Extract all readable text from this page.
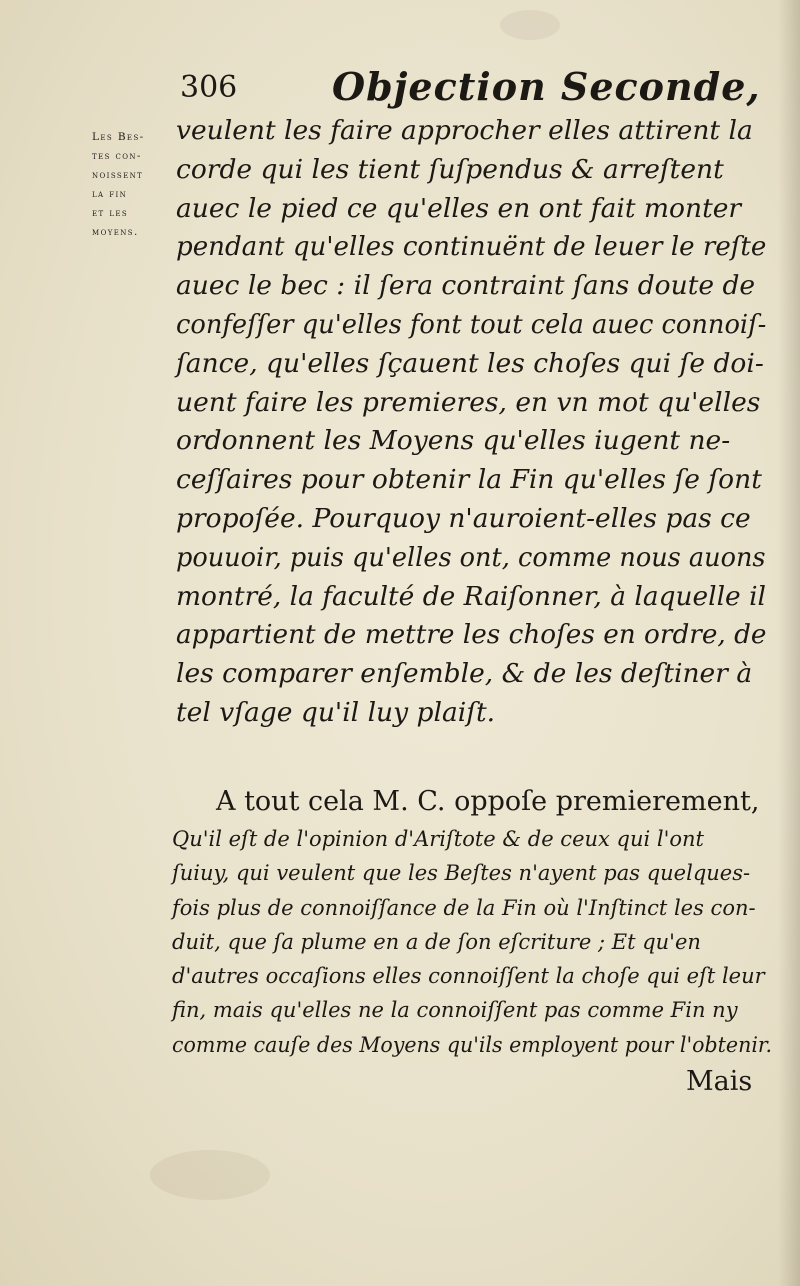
306 Objection Seconde,
Les Bes-
tes con-
noissent
la fin
et les
moyens.
veulent les faire approcher elles attirent la
corde qui les tient ſuſpendus & arreſtent
auec le pied ce qu'elles en ont fait monter
pendant qu'elles continuënt de leuer le reſte
auec le bec : il ſera contraint ſans doute de
confeſſer qu'elles font tout cela auec connoiſ-
ſance, qu'elles ſçauent les choſes qui ſe doi-
uent faire les premieres, en vn mot qu'elles
ordonnent les Moyens qu'elles iugent ne-
ceſſaires pour obtenir la Fin qu'elles ſe ſont
propoſée. Pourquoy n'auroient-elles pas ce
pouuoir, puis qu'elles ont, comme nous auons
montré, la faculté de Raiſonner, à laquelle il
appartient de mettre les choſes en ordre, de
les comparer enſemble, & de les deſtiner à
tel vſage qu'il luy plaiſt.
A tout cela M. C. oppoſe premierement,
Qu'il eſt de l'opinion d'Ariſtote & de ceux qui l'ont
ſuiuy, qui veulent que les Beſtes n'ayent pas quelques-
fois plus de connoiſſance de la Fin où l'Inſtinct les con-
duit, que ſa plume en a de ſon eſcriture ; Et qu'en
d'autres occaſions elles connoiſſent la choſe qui eſt leur
fin, mais qu'elles ne la connoiſſent pas comme Fin ny
comme cauſe des Moyens qu'ils employent pour l'obtenir.
Mais
